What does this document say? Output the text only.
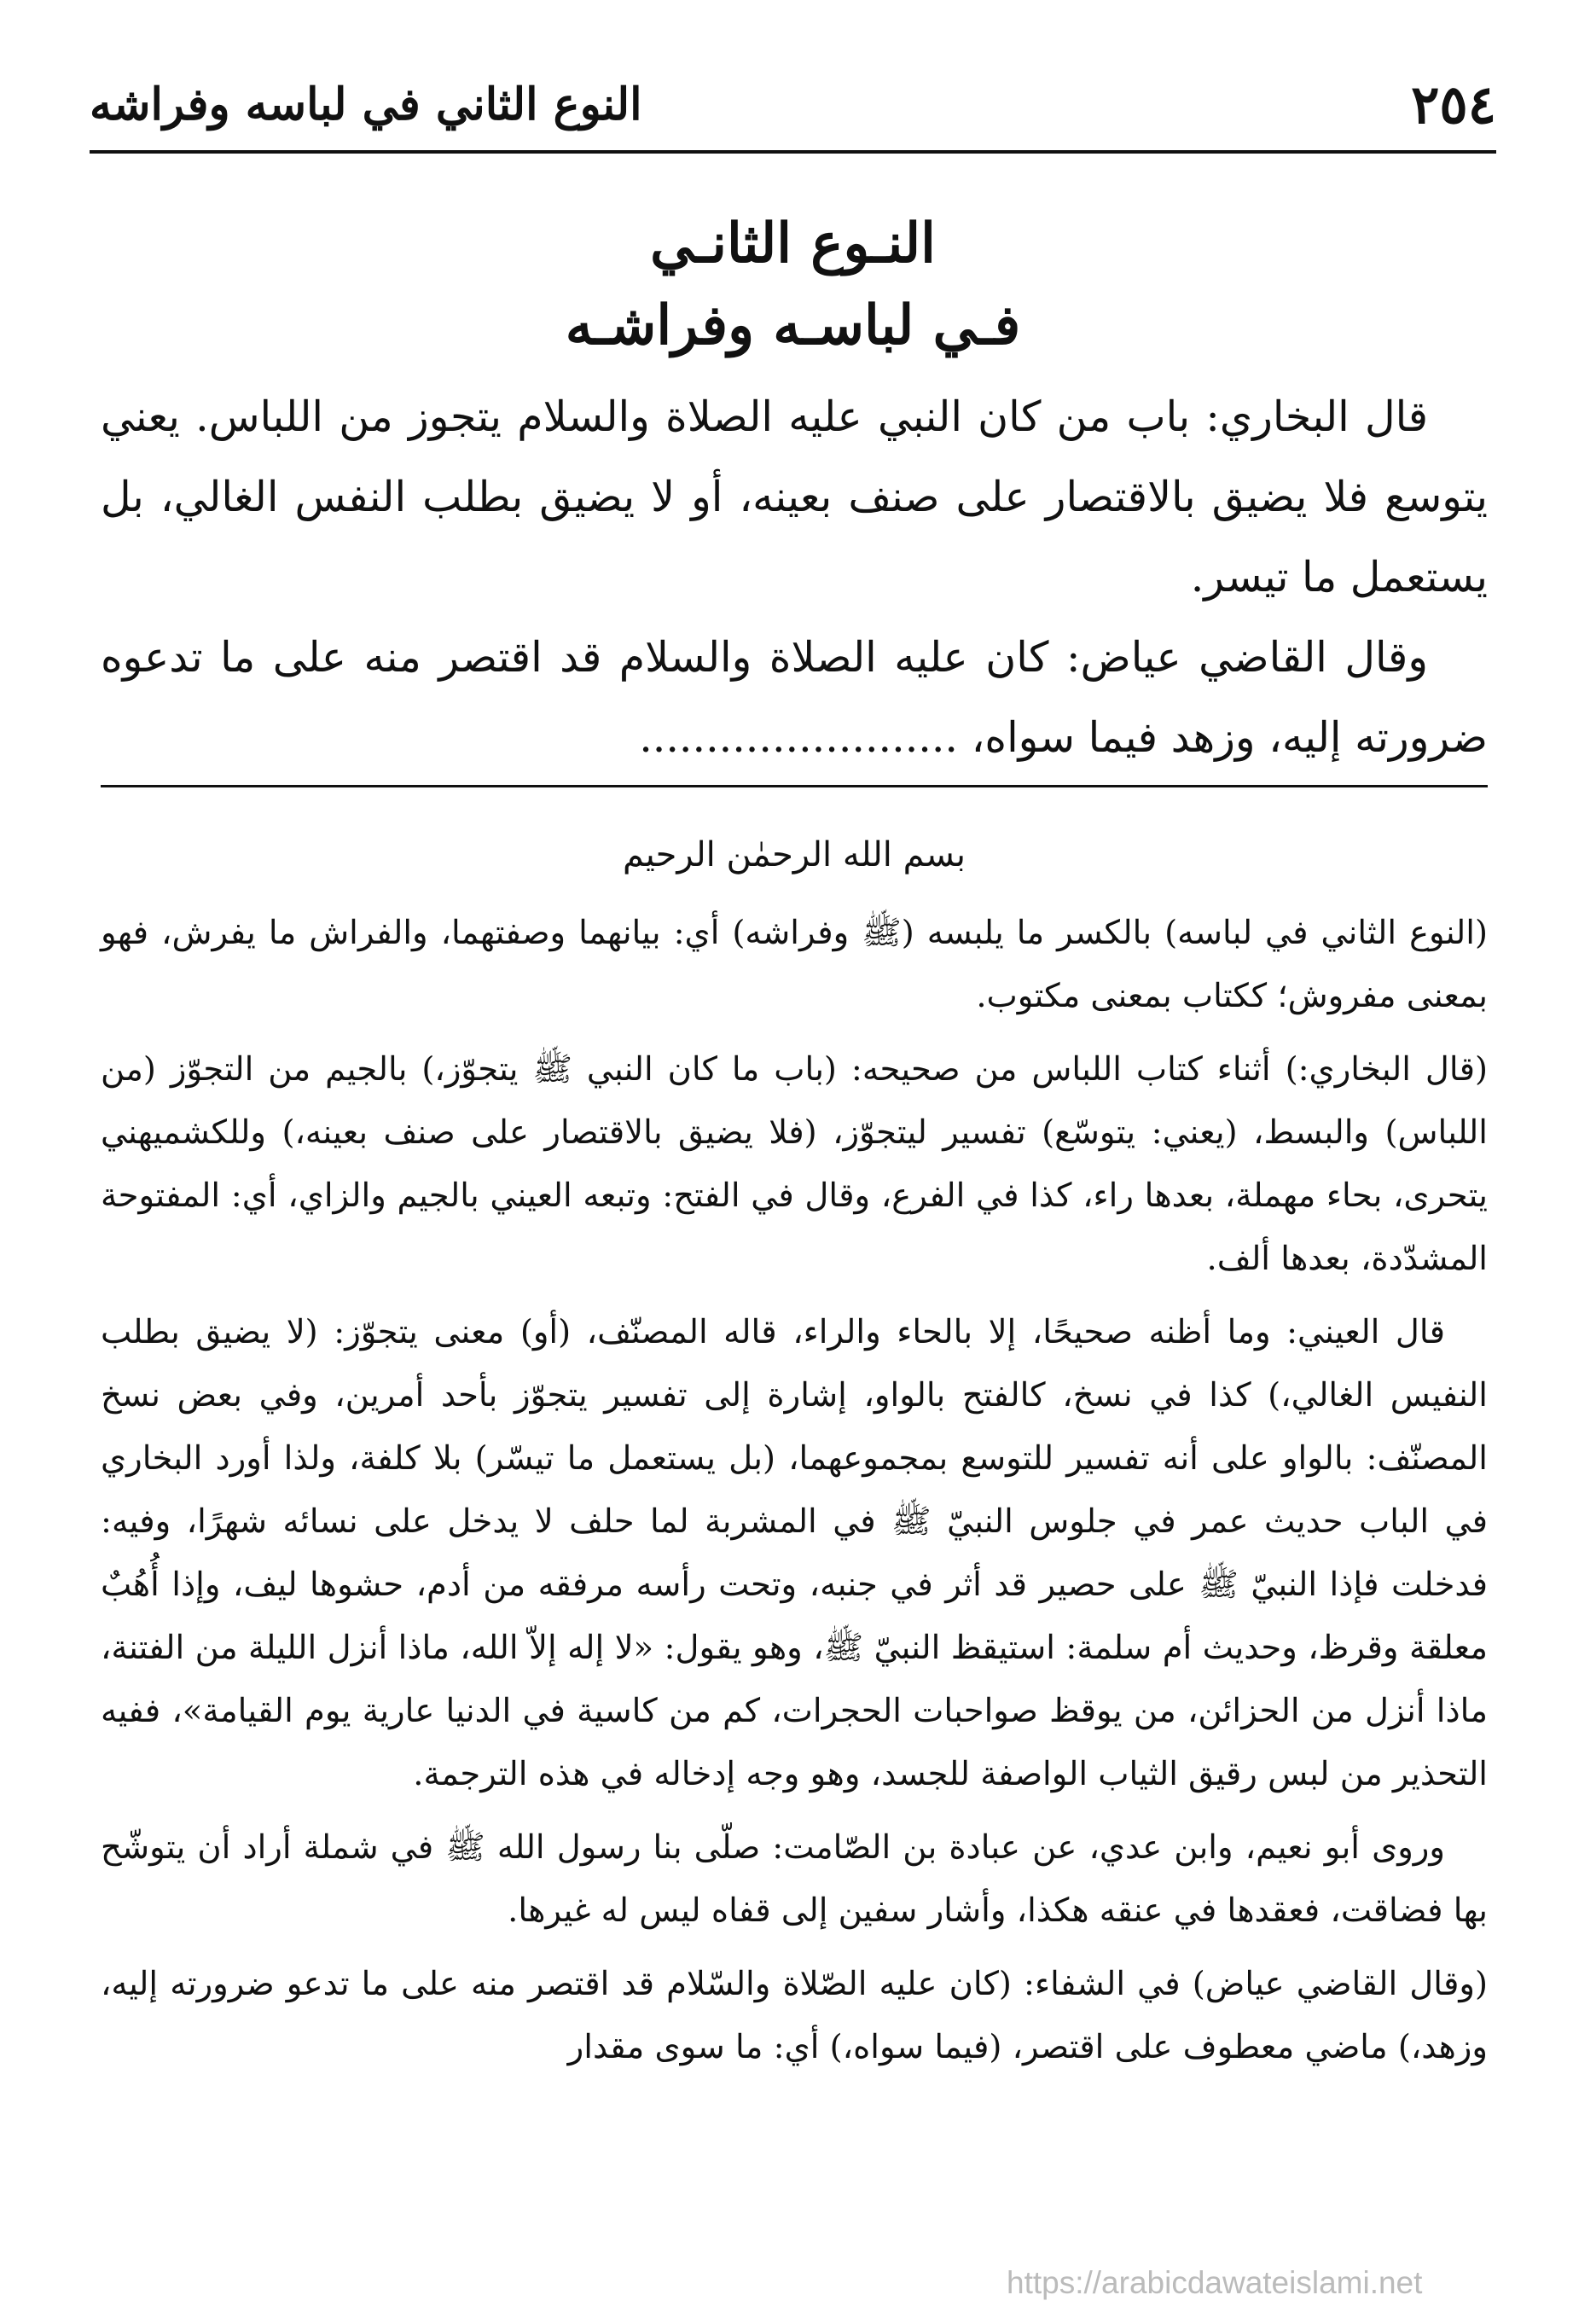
٢٥٤
النوع الثاني في لباسه وفراشه
النـوع الثانـي
فـي لباسـه وفراشـه

قال البخاري: باب من كان النبي عليه الصلاة والسلام يتجوز من اللباس. يعني يتوسع فلا يضيق بالاقتصار على صنف بعينه، أو لا يضيق بطلب النفس الغالي، بل يستعمل ما تيسر.

وقال القاضي عياض: كان عليه الصلاة والسلام قد اقتصر منه على ما تدعوه ضرورته إليه، وزهد فيما سواه، ........................

بسم الله الرحمٰن الرحيم

(النوع الثاني في لباسه) بالكسر ما يلبسه (ﷺ وفراشه) أي: بيانهما وصفتهما، والفراش ما يفرش، فهو بمعنى مفروش؛ ككتاب بمعنى مكتوب.

(قال البخاري:) أثناء كتاب اللباس من صحيحه: (باب ما كان النبي ﷺ يتجوّز،) بالجيم من التجوّز (من اللباس) والبسط، (يعني: يتوسّع) تفسير ليتجوّز، (فلا يضيق بالاقتصار على صنف بعينه،) وللكشميهني يتحرى، بحاء مهملة، بعدها راء، كذا في الفرع، وقال في الفتح: وتبعه العيني بالجيم والزاي، أي: المفتوحة المشدّدة، بعدها ألف.

قال العيني: وما أظنه صحيحًا، إلا بالحاء والراء، قاله المصنّف، (أو) معنى يتجوّز: (لا يضيق بطلب النفيس الغالي،) كذا في نسخ، كالفتح بالواو، إشارة إلى تفسير يتجوّز بأحد أمرين، وفي بعض نسخ المصنّف: بالواو على أنه تفسير للتوسع بمجموعهما، (بل يستعمل ما تيسّر) بلا كلفة، ولذا أورد البخاري في الباب حديث عمر في جلوس النبيّ ﷺ في المشربة لما حلف لا يدخل على نسائه شهرًا، وفيه: فدخلت فإذا النبيّ ﷺ على حصير قد أثر في جنبه، وتحت رأسه مرفقه من أدم، حشوها ليف، وإذا أُهُبٌ معلقة وقرظ، وحديث أم سلمة: استيقظ النبيّ ﷺ، وهو يقول: «لا إله إلاّ الله، ماذا أنزل الليلة من الفتنة، ماذا أنزل من الحزائن، من يوقظ صواحبات الحجرات، كم من كاسية في الدنيا عارية يوم القيامة»، ففيه التحذير من لبس رقيق الثياب الواصفة للجسد، وهو وجه إدخاله في هذه الترجمة.

وروى أبو نعيم، وابن عدي، عن عبادة بن الصّامت: صلّى بنا رسول الله ﷺ في شملة أراد أن يتوشّح بها فضاقت، فعقدها في عنقه هكذا، وأشار سفين إلى قفاه ليس له غيرها.

(وقال القاضي عياض) في الشفاء: (كان عليه الصّلاة والسّلام قد اقتصر منه على ما تدعو ضرورته إليه، وزهد،) ماضي معطوف على اقتصر، (فيما سواه،) أي: ما سوى مقدار

https://arabicdawateislami.net
